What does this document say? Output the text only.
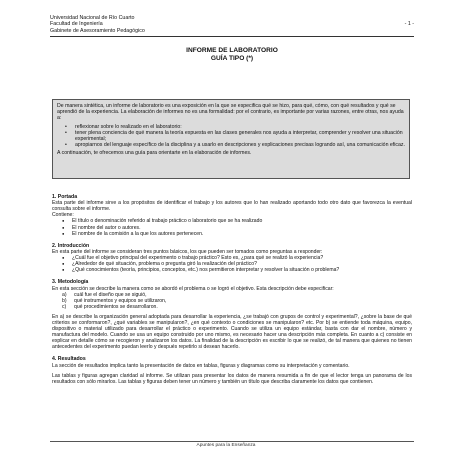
Universidad Nacional de Río Cuarto
Facultad de Ingeniería
Gabinete de Asesoramiento Pedagógico
- 1 -
INFORME DE LABORATORIO
GUÍA TIPO (*)

De manera sintética, un informe de laboratorio es una exposición en la que se especifica qué se hizo, para qué, cómo, con qué resultados y qué se aprendió de la experiencia. La elaboración de informes no es una formalidad: por el contrario, es importante por varias razones, entre otras, nos ayuda a:

• reflexionar sobre lo realizado en el laboratorio:
• tener plena conciencia de qué manera la teoría expuesta en las clases generales nos ayuda a interpretar, comprender y resolver una situación experimental;
• apropiarnos del lenguaje específico de la disciplina y a usarlo en descripciones y explicaciones precisas logrando así, una comunicación eficaz.

A continuación, te ofrecemos una guía para orientarte en la elaboración de informes.

1. Portada

Esta parte del informe sirve a los propósitos de identificar el trabajo y los autores que lo han realizado aportando todo otro dato que favorezca la eventual consulta sobre el informe.

Contiene:

● El título o denominación referido al trabajo práctico o laboratorio que se ha realizado
● El nombre del autor o autores.
● El nombre de la comisión a la que los autores pertenecen.
2. Introducción

En esta parte del informe se consideran tres puntos básicos, los que pueden ser tomados como preguntas a responder:

● ¿Cuál fue el objetivo principal del experimento o trabajo práctico? Esto es, ¿para qué se realizó la experiencia?
● ¿Alrededor de qué situación, problema o pregunta giró la realización del práctico?
● ¿Qué conocimientos (teoría, principios, conceptos, etc.) nos permitieron interpretar y resolver la situación o problema?
3. Metodología

En esta sección se describe la manera como se abordó el problema o se logró el objetivo. Esta descripción debe especificar:

a) cuál fue el diseño que se siguió,
b) qué instrumentos y equipos se utilizaron,
c) qué procedimientos se desarrollaron.

En a) se describe la organización general adoptada para desarrollar la experiencia, ¿se trabajó con grupos de control y experimental?, ¿sobre la base de qué criterios se conformaron?, ¿qué variables se manipularon?, ¿en qué contexto o condiciones se manipularon? etc. Por b) se entiende toda máquina, equipo, dispositivo o material utilizado para desarrollar el práctico o experimento. Cuando se utiliza un equipo estándar, basta con dar el nombre, número y manufactura del modelo. Cuando se usa un equipo construido por uno mismo, es necesario hacer una descripción más completa. En cuanto a c) consiste en explicar en detalle cómo se recogieron y analizaron los datos. La finalidad de la descripción es escribir lo que se realizó, de tal manera que quienes no tienen antecedentes del experimento puedan leerlo y después repetirlo si desean hacerlo.

4. Resultados

La sección de resultados implica tanto la presentación de datos en tablas, figuras y diagramas como su interpretación y comentario.

Las tablas y figuras agregan claridad al informe. Se utilizan para presentar los datos de manera resumida a fin de que el lector tenga un panorama de los resultados con sólo mirarlos. Las tablas y figuras deben tener un número y también un título que describa claramente los datos que contienen.

Apuntes para la Enseñanza
